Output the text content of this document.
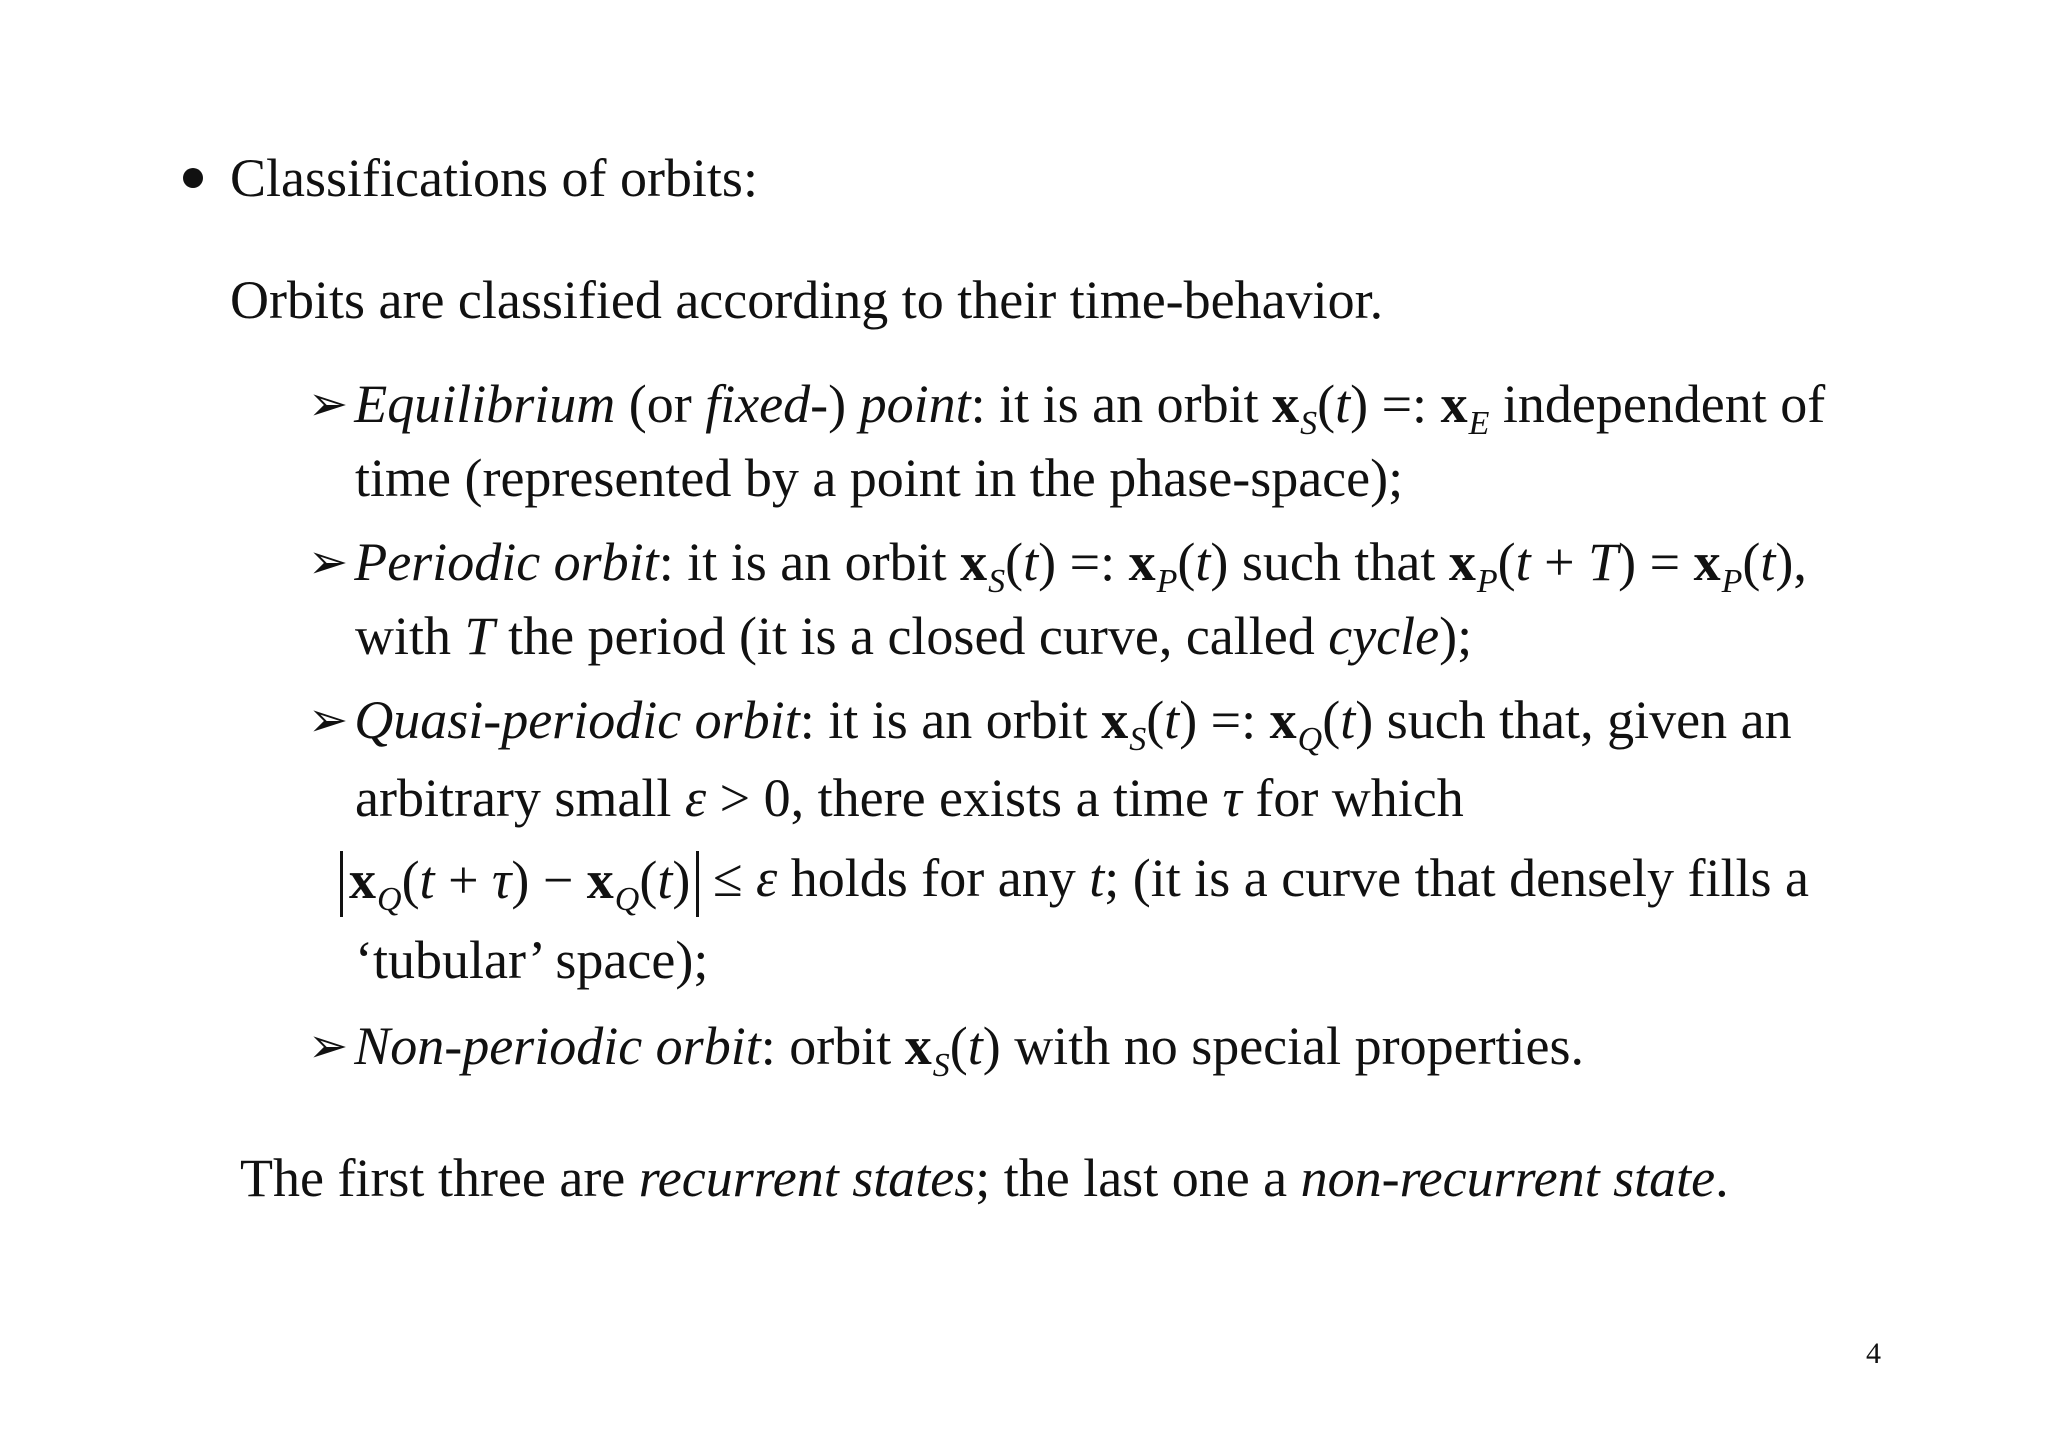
Classifications of orbits:
Orbits are classified according to their time-behavior.
➢ Equilibrium (or fixed-) point: it is an orbit $x_S(t)$ =: $x_E$ independent of
time (represented by a point in the phase-space);
➢ Periodic orbit: it is an orbit $x_S(t)$ =: $x_P(t)$ such that $x_P(t + T) = x_P(t)$,
with T the period (it is a closed curve, called cycle);
➢ Quasi-periodic orbit: it is an orbit $x_S(t)$ =: $x_Q(t)$ such that, given an
arbitrary small ε > 0, there exists a time τ for which
$x_Q(t + \tau) - x_Q(t) \le \varepsilon$ holds for any t; (it is a curve that densely fills a
‘tubular’ space);
➢ Non-periodic orbit: orbit $x_S(t)$ with no special properties.
The first three are recurrent states; the last one a non-recurrent state.
4
